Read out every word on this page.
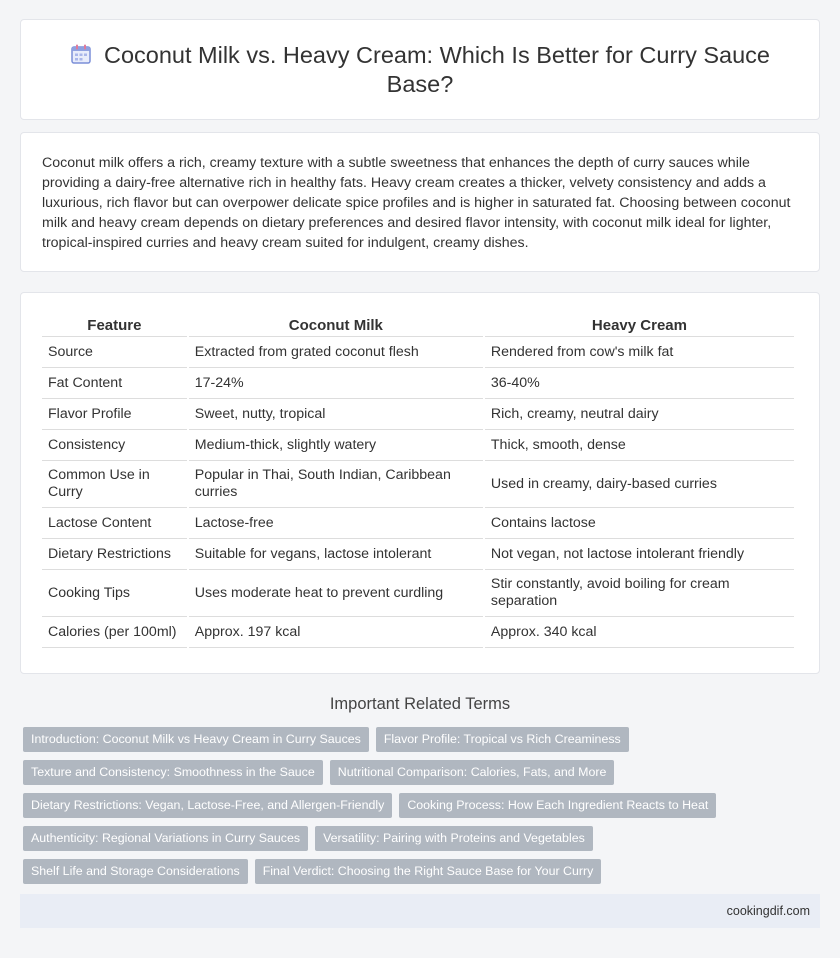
Coconut Milk vs. Heavy Cream: Which Is Better for Curry Sauce Base?

Coconut milk offers a rich, creamy texture with a subtle sweetness that enhances the depth of curry sauces while providing a dairy-free alternative rich in healthy fats. Heavy cream creates a thicker, velvety consistency and adds a luxurious, rich flavor but can overpower delicate spice profiles and is higher in saturated fat. Choosing between coconut milk and heavy cream depends on dietary preferences and desired flavor intensity, with coconut milk ideal for lighter, tropical-inspired curries and heavy cream suited for indulgent, creamy dishes.

Feature	Coconut Milk	Heavy Cream
Source	Extracted from grated coconut flesh	Rendered from cow's milk fat
Fat Content	17-24%	36-40%
Flavor Profile	Sweet, nutty, tropical	Rich, creamy, neutral dairy
Consistency	Medium-thick, slightly watery	Thick, smooth, dense
Common Use in Curry	Popular in Thai, South Indian, Caribbean curries	Used in creamy, dairy-based curries
Lactose Content	Lactose-free	Contains lactose
Dietary Restrictions	Suitable for vegans, lactose intolerant	Not vegan, not lactose intolerant friendly
Cooking Tips	Uses moderate heat to prevent curdling	Stir constantly, avoid boiling for cream separation
Calories (per 100ml)	Approx. 197 kcal	Approx. 340 kcal
Important Related Terms
Introduction: Coconut Milk vs Heavy Cream in Curry Sauces	Flavor Profile: Tropical vs Rich Creaminess
Texture and Consistency: Smoothness in the Sauce	Nutritional Comparison: Calories, Fats, and More
Dietary Restrictions: Vegan, Lactose-Free, and Allergen-Friendly	Cooking Process: How Each Ingredient Reacts to Heat
Authenticity: Regional Variations in Curry Sauces	Versatility: Pairing with Proteins and Vegetables
Shelf Life and Storage Considerations	Final Verdict: Choosing the Right Sauce Base for Your Curry
cookingdif.com
